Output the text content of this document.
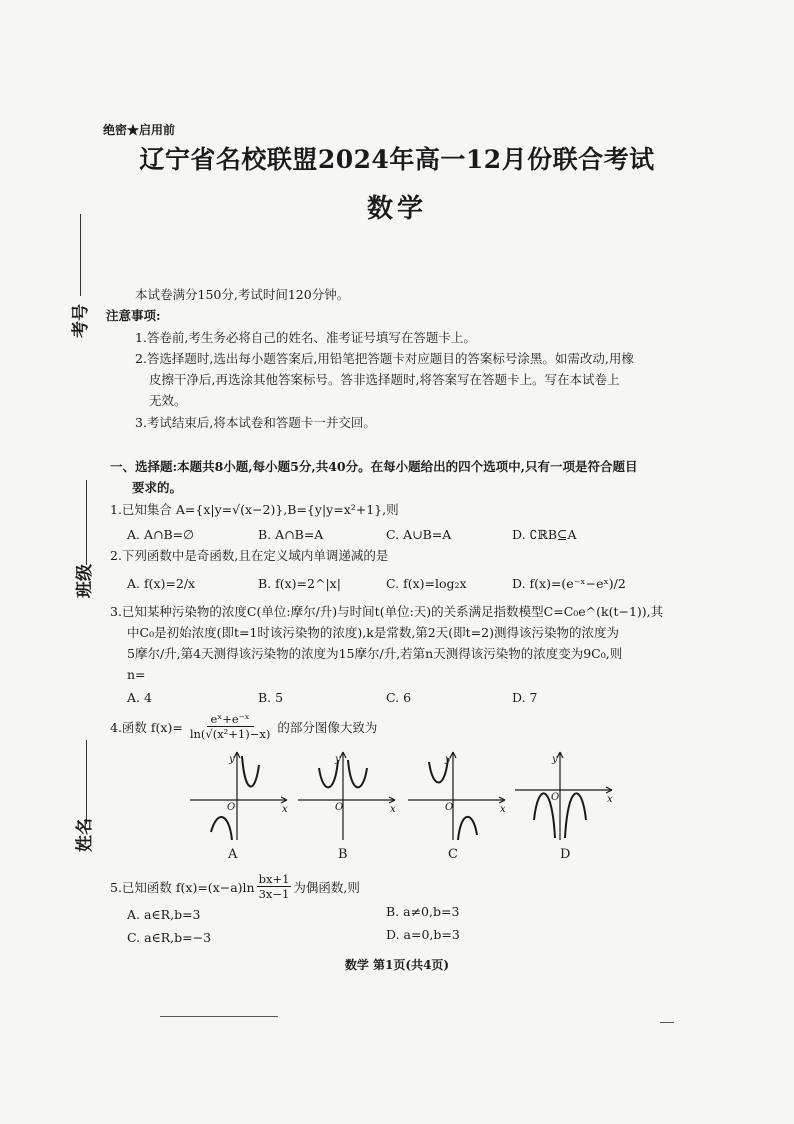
绝密★启用前
辽宁省名校联盟2024年高一12月份联合考试
数学
考号
班级
姓名
本试卷满分150分,考试时间120分钟。
注意事项:
1.答卷前,考生务必将自己的姓名、准考证号填写在答题卡上。
2.答选择题时,选出每小题答案后,用铅笔把答题卡对应题目的答案标号涂黑。如需改动,用橡
皮擦干净后,再选涂其他答案标号。答非选择题时,将答案写在答题卡上。写在本试卷上
无效。
3.考试结束后,将本试卷和答题卡一并交回。
一、选择题:本题共8小题,每小题5分,共40分。在每小题给出的四个选项中,只有一项是符合题目
要求的。
1.已知集合 A={x|y=√(x−2)},B={y|y=x²+1},则
A. A∩B=∅	B. A∩B=A	C. A∪B=A	D. ∁ℝB⊆A
2.下列函数中是奇函数,且在定义域内单调递减的是
A. f(x)=2/x	B. f(x)=2^|x|	C. f(x)=log₂x	D. f(x)=(e⁻ˣ−eˣ)/2
3.已知某种污染物的浓度C(单位:摩尔/升)与时间t(单位:天)的关系满足指数模型C=C₀e^(k(t−1)),其
中C₀是初始浓度(即t=1时该污染物的浓度),k是常数,第2天(即t=2)测得该污染物的浓度为
5摩尔/升,第4天测得该污染物的浓度为15摩尔/升,若第n天测得该污染物的浓度变为9C₀,则
n=
A. 4	B. 5	C. 6	D. 7
4.函数 $f(x)= \frac{\text{eˣ+e⁻ˣ}}{\text{ln(√(x²+1)−x)}}$ 的部分图像大致为
y
x
O
y
x
O
y
x
O
y
x
O
A	B	C	D
5.已知函数 $f(x)=(x-a)\ln \frac{bx+1}{3x-1}$ 为偶函数,则
A. a∈R,b=3	B. a≠0,b=3
C. a∈R,b=−3	D. a=0,b=3
数学 第1页(共4页)
